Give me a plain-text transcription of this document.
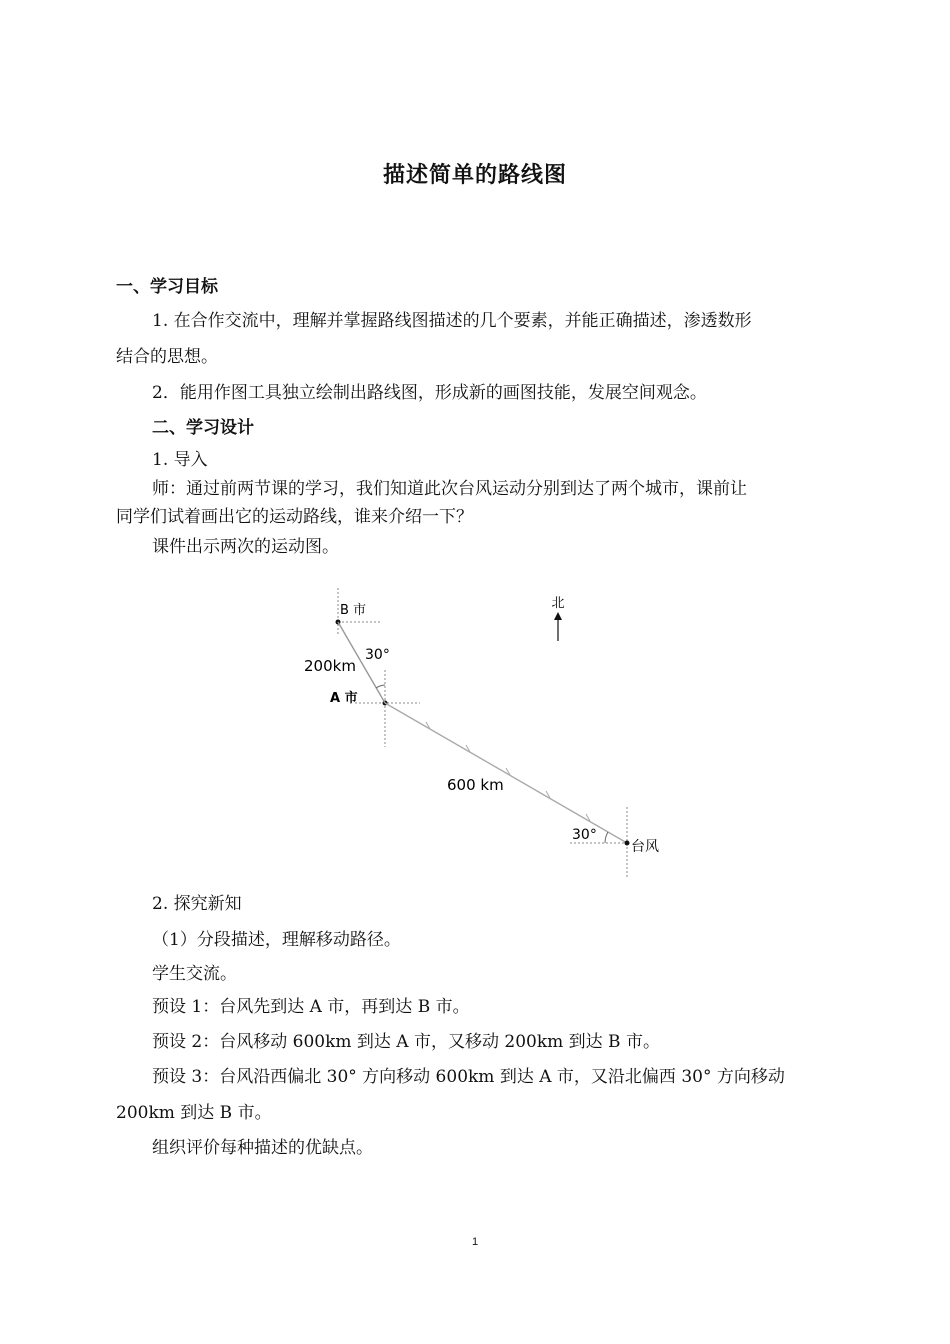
描述简单的路线图
一、学习目标
1. 在合作交流中，理解并掌握路线图描述的几个要素，并能正确描述，渗透数形
结合的思想。
2．能用作图工具独立绘制出路线图，形成新的画图技能，发展空间观念。
二、学习设计
1. 导入
师：通过前两节课的学习，我们知道此次台风运动分别到达了两个城市，课前让
同学们试着画出它的运动路线，谁来介绍一下？
课件出示两次的运动图。
北
B 市
A 市
30°
200km
600 km
30°
台风
2. 探究新知
（1）分段描述，理解移动路径。
学生交流。
预设 1：台风先到达 A 市，再到达 B 市。
预设 2：台风移动 600km 到达 A 市，又移动 200km 到达 B 市。
预设 3：台风沿西偏北 30° 方向移动 600km 到达 A 市，又沿北偏西 30° 方向移动
200km 到达 B 市。
组织评价每种描述的优缺点。
1
